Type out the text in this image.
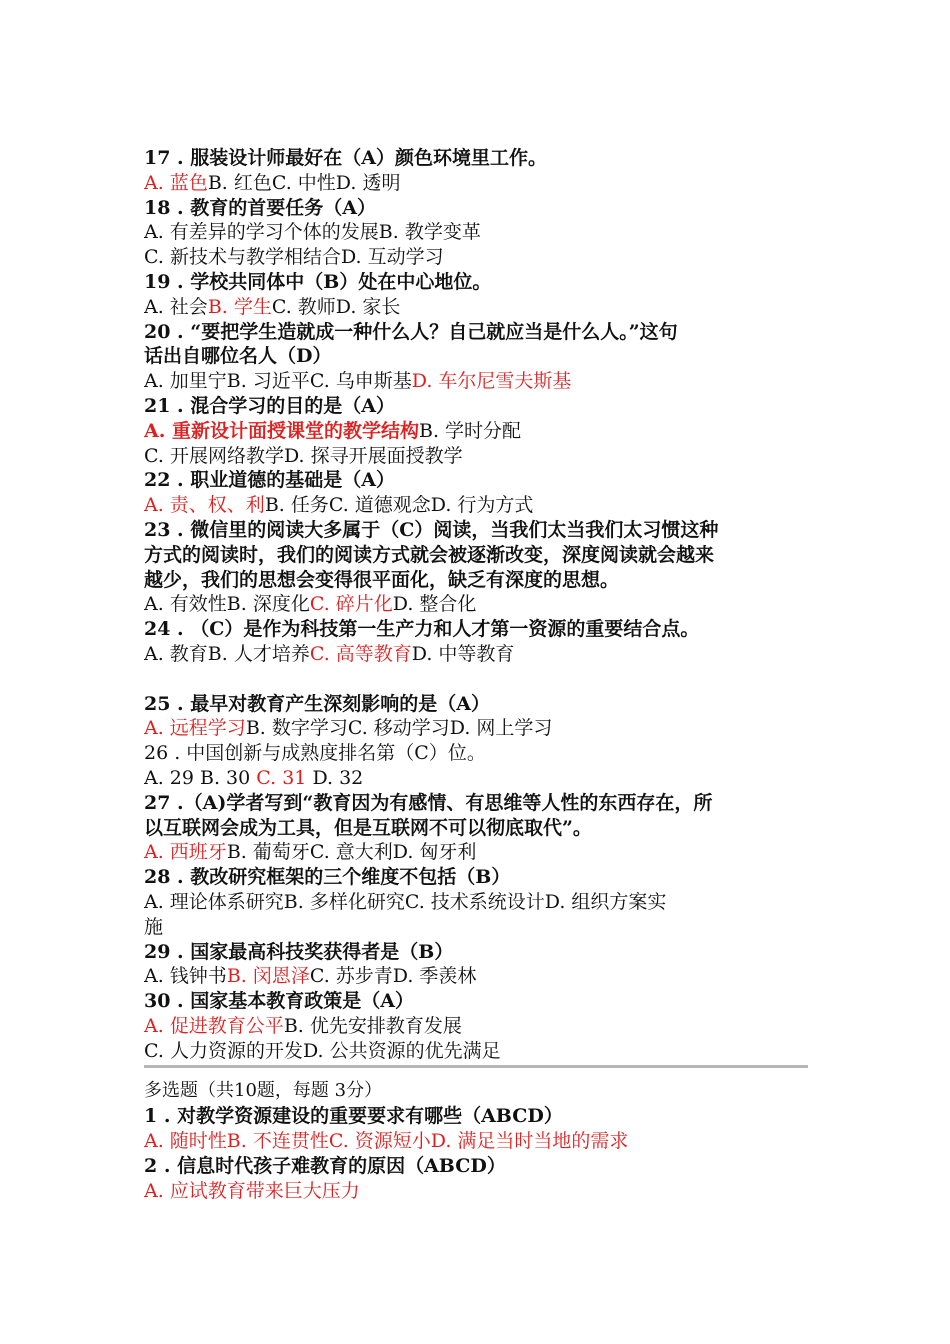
17 . 服装设计师最好在（A）颜色环境里工作。
A. 蓝色B. 红色C. 中性D. 透明
18 . 教育的首要任务（A）
A. 有差异的学习个体的发展B. 教学变革
C. 新技术与教学相结合D. 互动学习
19 . 学校共同体中（B）处在中心地位。
A. 社会B. 学生C. 教师D. 家长
20 . “要把学生造就成一种什么人？自己就应当是什么人。”这句
话出自哪位名人（D）
A. 加里宁B. 习近平C. 乌申斯基D. 车尔尼雪夫斯基
21 . 混合学习的目的是（A）
A. 重新设计面授课堂的教学结构B. 学时分配
C. 开展网络教学D. 探寻开展面授教学
22 . 职业道德的基础是（A）
A. 责、权、利B. 任务C. 道德观念D. 行为方式
23 . 微信里的阅读大多属于（C）阅读，当我们太当我们太习惯这种
方式的阅读时，我们的阅读方式就会被逐渐改变，深度阅读就会越来
越少，我们的思想会变得很平面化，缺乏有深度的思想。
A. 有效性B. 深度化C. 碎片化D. 整合化
24 . （C）是作为科技第一生产力和人才第一资源的重要结合点。
A. 教育B. 人才培养C. 高等教育D. 中等教育
25 . 最早对教育产生深刻影响的是（A）
A. 远程学习B. 数字学习C. 移动学习D. 网上学习
26 . 中国创新与成熟度排名第（C）位。
A. 29 B. 30 C. 31 D. 32
27 .（A)学者写到“教育因为有感情、有思维等人性的东西存在，所
以互联网会成为工具，但是互联网不可以彻底取代”。
A. 西班牙B. 葡萄牙C. 意大利D. 匈牙利
28 . 教改研究框架的三个维度不包括（B）
A. 理论体系研究B. 多样化研究C. 技术系统设计D. 组织方案实
施
29 . 国家最高科技奖获得者是（B）
A. 钱钟书B. 闵恩泽C. 苏步青D. 季羡林
30 . 国家基本教育政策是（A）
A. 促进教育公平B. 优先安排教育发展
C. 人力资源的开发D. 公共资源的优先满足
多选题（共10题，每题 3分）
1 . 对教学资源建设的重要要求有哪些（ABCD）
A. 随时性B. 不连贯性C. 资源短小D. 满足当时当地的需求
2 . 信息时代孩子难教育的原因（ABCD）
A. 应试教育带来巨大压力
